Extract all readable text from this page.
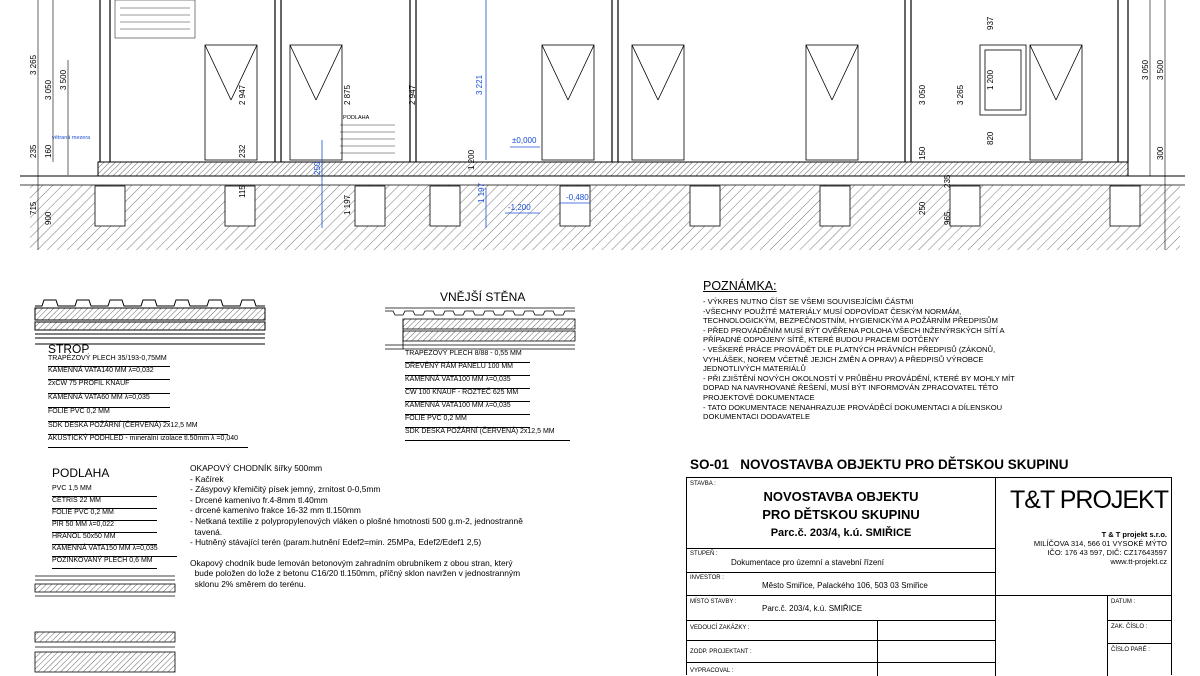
PODLAHA
3 221
±0,000
-1,200
-0,480
250
1 197
větraná mezera
3 265
3 050 3 500
235 160
715
900
2 947	2 875	2 947	3 050
232
115
1 197
1 200
937
3 265
1 200
820
150
250
965
235
3 050 3 500
300
STROP
TRAPÉZOVÝ PLECH 35/193-0,75MM
KAMENNÁ VATA140 MM λ=0,032
2xCW 75 PROFIL KNAUF
KAMENNÁ VATA60 MM λ=0,035
FOLIE PVC 0,2 MM
SDK DESKA POŽÁRNÍ (ČERVENÁ) 2x12,5 MM
AKUSTICKÝ PODHLED - minerální izolace tl.50mm λ =0,040
VNĚJŠÍ STĚNA
TRAPÉZOVÝ PLECH 8/88 - 0,55 MM
DŘEVĚNÝ RÁM PANELU 100 MM
KAMENNÁ VATA100 MM λ=0,035
CW 100 KNAUF - ROZTEČ 625 MM
KAMENNÁ VATA100 MM λ=0,035
FOLIE PVC 0,2 MM
SDK DESKA POŽÁRNÍ (ČERVENÁ) 2x12,5 MM
PODLAHA
PVC 1,5 MM
CETRIS 22 MM
FOLIE PVC 0,2 MM
PIR 50 MM λ=0,022
HRANOL 50x50 MM
KAMENNÁ VATA150 MM λ=0,035
POZINKOVANÝ PLECH 0,6 MM
OKAPOVÝ CHODNÍK šířky 500mm
- Kačírek
- Zásypový křemičitý písek jemný, zrnitost 0-0,5mm
- Drcené kamenivo fr.4-8mm tl.40mm
- drcené kamenivo frakce 16-32 mm tl.150mm
- Netkaná textilie z polypropylenových vláken o plošné hmotnosti 500 g.m-2, jednostranně
tavená.
- Hutněný stávající terén (param.hutnění Edef2=min. 25MPa, Edef2/Edef1 2,5)
Okapový chodník bude lemován betonovým zahradním obrubníkem z obou stran, který
bude položen do lože z betonu C16/20 tl.150mm, příčný sklon navržen v jednostranným
sklonu 2% směrem do terénu.
POZNÁMKA:
- VÝKRES NUTNO ČÍST SE VŠEMI SOUVISEJÍCÍMI ČÁSTMI
-VŠECHNY POUŽITÉ MATERIÁLY MUSÍ ODPOVÍDAT ČESKÝM NORMÁM,
TECHNOLOGICKÝM, BEZPEČNOSTNÍM, HYGIENICKÝM A POŽÁRNÍM PŘEDPISŮM
- PŘED PROVÁDĚNÍM MUSÍ BÝT OVĚŘENA POLOHA VŠECH INŽENÝRSKÝCH SÍTÍ A
PŘÍPADNÉ ODPOJENY SÍTĚ, KTERÉ BUDOU PRACEMI DOTČENY
- VEŠKERÉ PRÁCE PROVÁDĚT DLE PLATNÝCH PRÁVNÍCH PŘEDPISŮ (ZÁKONŮ,
VYHLÁŠEK, NOREM VČETNĚ JEJICH ZMĚN A OPRAV) A PŘEDPISŮ VÝROBCE
JEDNOTLIVÝCH MATERIÁLŮ
- PŘI ZJIŠTĚNÍ NOVÝCH OKOLNOSTÍ V PRŮBĚHU PROVÁDĚNÍ, KTERÉ BY MOHLY MÍT
DOPAD NA NAVRHOVANÉ ŘEŠENÍ, MUSÍ BÝT INFORMOVÁN ZPRACOVATEL TÉTO
PROJEKTOVÉ DOKUMENTACE
- TATO DOKUMENTACE NENAHRAZUJE PROVÁDĚCÍ DOKUMENTACI A DÍLENSKOU
DOKUMENTACI DODAVATELE
SO-01   NOVOSTAVBA OBJEKTU PRO DĚTSKOU SKUPINU
STAVBA :
NOVOSTAVBA OBJEKTU
PRO DĚTSKOU SKUPINU
Parc.č. 203/4, k.ú. SMIŘICE
T&T PROJEKT
T & T projekt s.r.o.
MILÍČOVA 314, 566 01 VYSOKÉ MÝTO
IČO: 176 43 597, DIČ: CZ17643597
www.tt-projekt.cz
STUPEŇ :
Dokumentace pro územní a stavební řízení
INVESTOR :
Město Smiřice, Palackého 106, 503 03 Smiřice
MÍSTO STAVBY :
Parc.č. 203/4, k.ú. SMIŘICE
DATUM :
ZAK. ČÍSLO :
ČÍSLO PARÉ :
VEDOUCÍ ZAKÁZKY :
ZODP. PROJEKTANT :
VYPRACOVAL :
